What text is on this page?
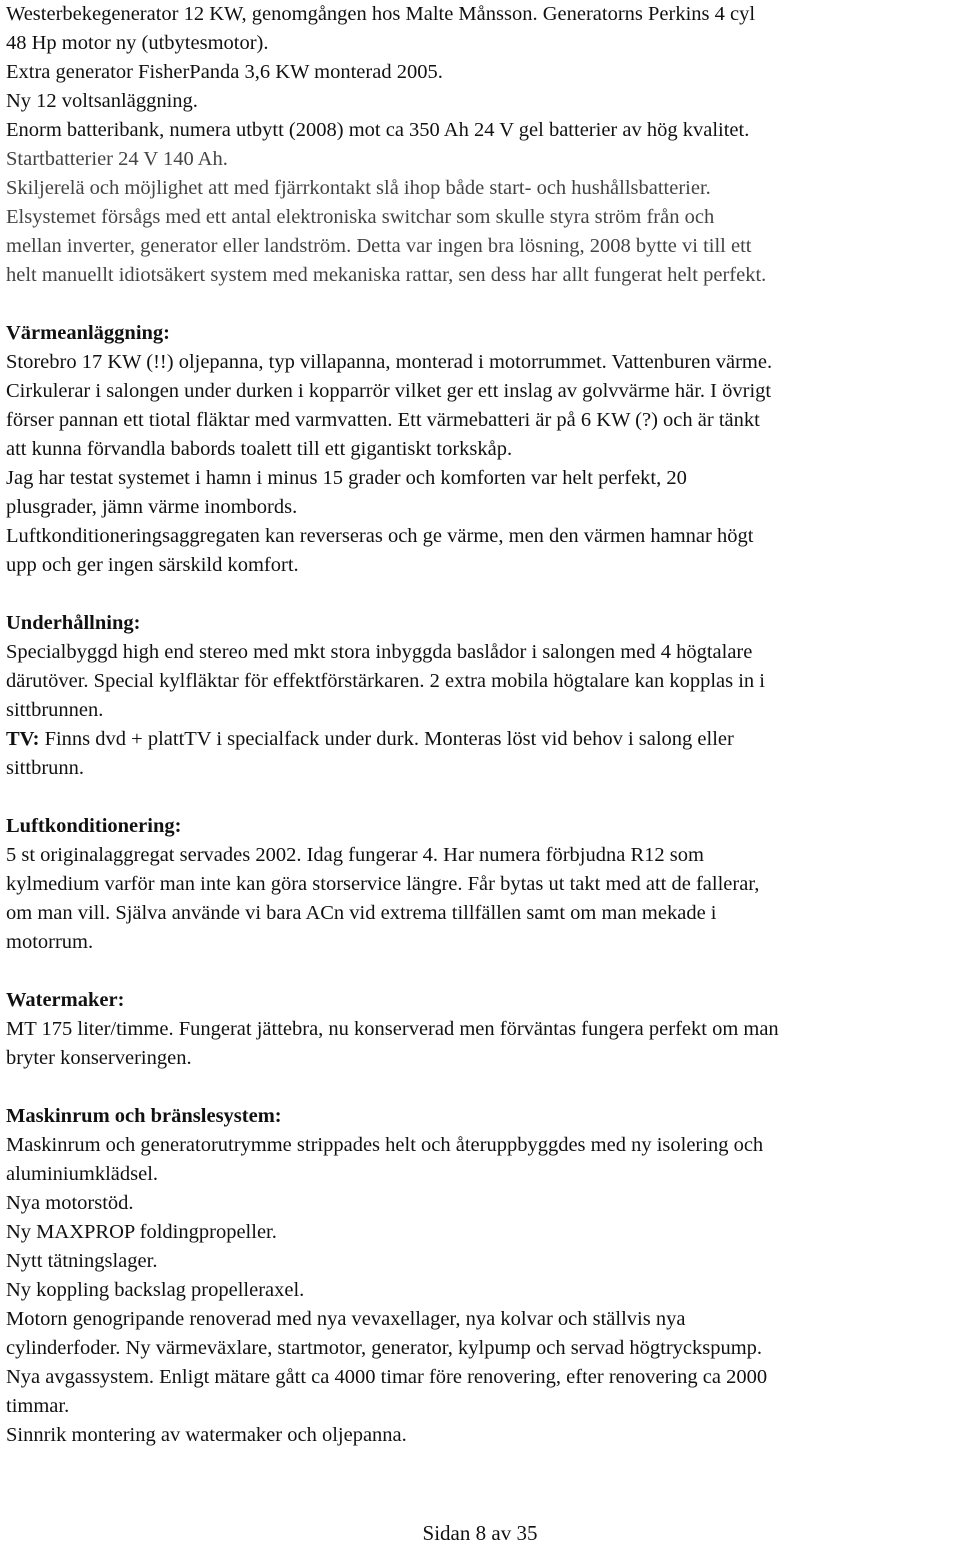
Westerbekegenerator 12 KW, genomgången hos Malte Månsson. Generatorns Perkins 4 cyl
48 Hp motor ny (utbytesmotor).
Extra generator FisherPanda 3,6 KW monterad 2005.
Ny 12 voltsanläggning.
Enorm batteribank, numera utbytt (2008) mot ca 350 Ah 24 V gel batterier av hög kvalitet.
Startbatterier 24 V 140 Ah.
Skiljerelä och möjlighet att med fjärrkontakt slå ihop både start- och hushållsbatterier.
Elsystemet försågs med ett antal elektroniska switchar som skulle styra ström från och
mellan inverter, generator eller landström. Detta var ingen bra lösning, 2008 bytte vi till ett
helt manuellt idiotsäkert system med mekaniska rattar, sen dess har allt fungerat helt perfekt.
Värmeanläggning:
Storebro 17 KW (!!) oljepanna, typ villapanna, monterad i motorrummet. Vattenburen värme.
Cirkulerar i salongen under durken i kopparrör vilket ger ett inslag av golvvärme här. I övrigt
förser pannan ett tiotal fläktar med varmvatten. Ett värmebatteri är på 6 KW (?) och är tänkt
att kunna förvandla babords toalett till ett gigantiskt torkskåp.
Jag har testat systemet i hamn i minus 15 grader och komforten var helt perfekt, 20
plusgrader, jämn värme inombords.
Luftkonditioneringsaggregaten kan reverseras och ge värme, men den värmen hamnar högt
upp och ger ingen särskild komfort.
Underhållning:
Specialbyggd high end stereo med mkt stora inbyggda baslådor i salongen med 4 högtalare
därutöver. Special kylfläktar för effektförstärkaren. 2 extra mobila högtalare kan kopplas in i
sittbrunnen.
TV: Finns dvd + plattTV i specialfack under durk. Monteras löst vid behov i salong eller
sittbrunn.
Luftkonditionering:
5 st originalaggregat servades 2002. Idag fungerar 4. Har numera förbjudna R12 som
kylmedium varför man inte kan göra storservice längre. Får bytas ut takt med att de fallerar,
om man vill. Själva använde vi bara ACn vid extrema tillfällen samt om man mekade i
motorrum.
Watermaker:
MT 175 liter/timme. Fungerat jättebra, nu konserverad men förväntas fungera perfekt om man
bryter konserveringen.
Maskinrum och bränslesystem:
Maskinrum och generatorutrymme strippades helt och återuppbyggdes med ny isolering och
aluminiumklädsel.
Nya motorstöd.
Ny MAXPROP foldingpropeller.
Nytt tätningslager.
Ny koppling backslag propelleraxel.
Motorn genogripande renoverad med nya vevaxellager, nya kolvar och ställvis nya
cylinderfoder. Ny värmeväxlare, startmotor, generator, kylpump och servad högtryckspump.
Nya avgassystem. Enligt mätare gått ca 4000 timar före renovering, efter renovering ca 2000
timmar.
Sinnrik montering av watermaker och oljepanna.
Sidan 8 av 35
